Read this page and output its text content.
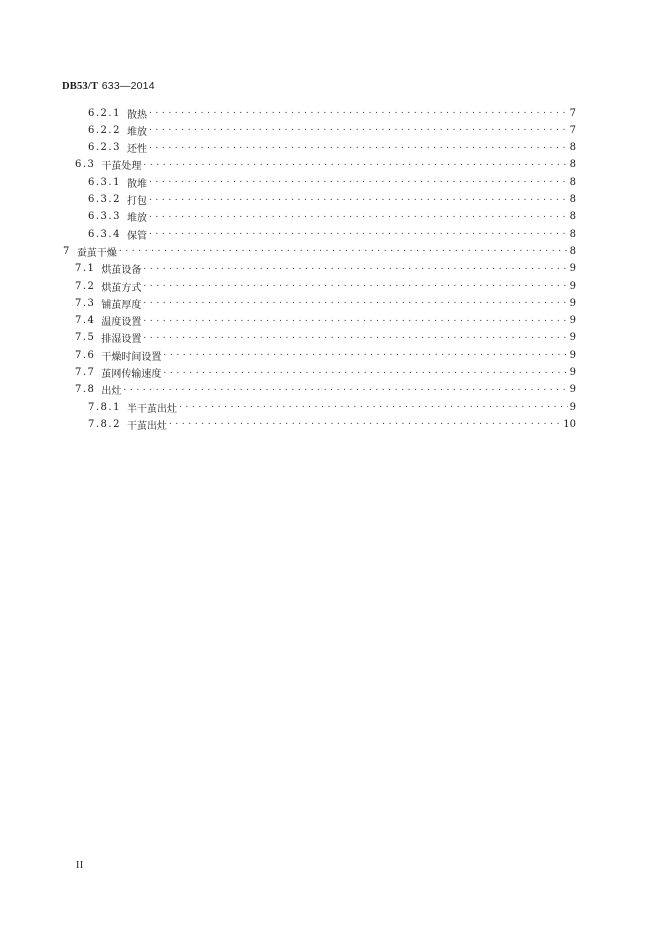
DB53/T 633—2014
6.2.1 散热 .....	7
6.2.2 堆放 .....	7
6.2.3 还性 .....	8
6.3 干茧处理 .....	8
6.3.1 散堆 .....	8
6.3.2 打包 .....	8
6.3.3 堆放 .....	8
6.3.4 保管 .....	8
7 蚕茧干燥 .....	8
7.1 烘茧设备 .....	9
7.2 烘茧方式 .....	9
7.3 铺茧厚度 .....	9
7.4 温度设置 .....	9
7.5 排湿设置 .....	9
7.6 干燥时间设置 .....	9
7.7 茧网传输速度 .....	9
7.8 出灶 .....	9
7.8.1 半干茧出灶 .....	9
7.8.2 干茧出灶 .....	10
II
